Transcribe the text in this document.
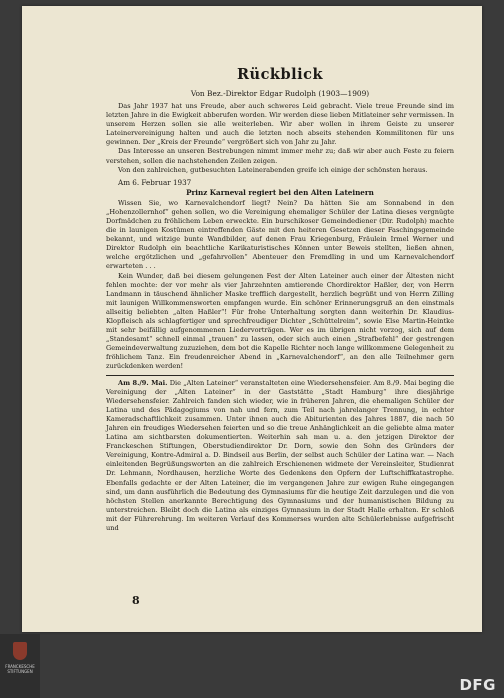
Rückblick
Von Bez.-Direktor Edgar Rudolph (1903—1909)

Das Jahr 1937 hat uns Freude, aber auch schweres Leid gebracht. Viele treue Freunde sind im letzten Jahre in die Ewigkeit abberufen worden. Wir werden diese lieben Mitlateiner sehr vermissen. In unserem Herzen sollen sie alle weiterleben. Wir aber wollen in ihrem Geiste zu unserer Lateinervereinigung halten und auch die letzten noch abseits stehenden Kommilitonen für uns gewinnen. Der „Kreis der Freunde“ vergrößert sich von Jahr zu Jahr.

Das Interesse an unseren Bestrebungen nimmt immer mehr zu; daß wir aber auch Feste zu feiern verstehen, sollen die nachstehenden Zeilen zeigen.

Von den zahlreichen, gutbesuchten Lateinerabenden greife ich einige der schönsten heraus.

Am 6. Februar 1937
Prinz Karneval regiert bei den Alten Lateinern

Wissen Sie, wo Karnevalchendorf liegt? Nein? Da hätten Sie am Sonnabend in den „Hohenzollernhof“ gehen sollen, wo die Vereinigung ehemaliger Schüler der Latina dieses vergnügte Dorfmädchen zu fröhlichem Leben erweckte. Ein burschikoser Gemeindediener (Dir. Rudolph) machte die in launigen Kostümen eintreffenden Gäste mit den heiteren Gesetzen dieser Faschingsgemeinde bekannt, und witzige bunte Wandbilder, auf denen Frau Kriegenburg, Fräulein Irmel Werner und Direktor Rudolph ein beachtliche Karikaturistisches Können unter Beweis stellten, ließen ahnen, welche ergötzlichen und „gefahrvollen“ Abenteuer den Fremdling in und um Karnevalchendorf erwarteten . . .

Kein Wunder, daß bei diesem gelungenen Fest der Alten Lateiner auch einer der Ältesten nicht fehlen mochte: der vor mehr als vier Jahrzehnten amtierende Chordirektor Haßler, der, von Herrn Landmann in täuschend ähnlicher Maske trefflich dargestellt, herzlich begrüßt und von Herrn Zilling mit launigen Willkommensworten empfangen wurde. Ein schöner Erinnerungsgruß an den einstmals allseitig beliebten „alten Haßler“! Für frohe Unterhaltung sorgten dann weiterhin Dr. Klaudius-Klopfleisch als schlagfertiger und sprechfreudiger Dichter „Schüttelreim“, sowie Else Martin-Heintke mit sehr beifällig aufgenommenen Liedervorträgen. Wer es im übrigen nicht vorzog, sich auf dem „Standesamt“ schnell einmal „trauen“ zu lassen, oder sich auch einen „Strafbefehl“ der gestrengen Gemeindeverwaltung zuzuziehen, dem bot die Kapelle Richter noch lange willkommene Gelegenheit zu fröhlichem Tanz. Ein freudenreicher Abend in „Karnevalchendorf“, an den alle Teilnehmer gern zurückdenken werden!

Am 8./9. Mai. Die „Alten Lateiner“ veranstalteten eine Wiedersehensfeier. Am 8./9. Mai beging die Vereinigung der „Alten Lateiner“ in der Gaststätte „Stadt Hamburg“ ihre diesjährige Wiedersehensfeier. Zahlreich fanden sich wieder, wie in früheren Jahren, die ehemaligen Schüler der Latina und des Pädagogiums von nah und fern, zum Teil nach jahrelanger Trennung, in echter Kameradschaftlichkeit zusammen. Unter ihnen auch die Abiturienten des Jahres 1887, die nach 50 Jahren ein freudiges Wiedersehen feierten und so die treue Anhänglichkeit an die geliebte alma mater Latina am sichtbarsten dokumentierten. Weiterhin sah man u. a. den jetzigen Direktor der Franckeschen Stiftungen, Oberstudiendirektor Dr. Dorn, sowie den Sohn des Gründers der Vereinigung, Kontre-Admiral a. D. Bindseil aus Berlin, der selbst auch Schüler der Latina war. — Nach einleitenden Begrüßungsworten an die zahlreich Erschienenen widmete der Vereinsleiter, Studienrat Dr. Lehmann, Nordhausen, herzliche Worte des Gedenkens den Opfern der Luftschiffkatastrophe. Ebenfalls gedachte er der Alten Lateiner, die im vergangenen Jahre zur ewigen Ruhe eingegangen sind, um dann ausführlich die Bedeutung des Gymnasiums für die heutige Zeit darzulegen und die von höchsten Stellen anerkannte Berechtigung des Gymnasiums und der humanistischen Bildung zu unterstreichen. Bleibt doch die Latina als einziges Gymnasium in der Stadt Halle erhalten. Er schloß mit der Führerehrung. Im weiteren Verlauf des Kommerses wurden alte Schülerlebnisse aufgefrischt und

8
FRANCKESCHE STIFTUNGEN
DFG
